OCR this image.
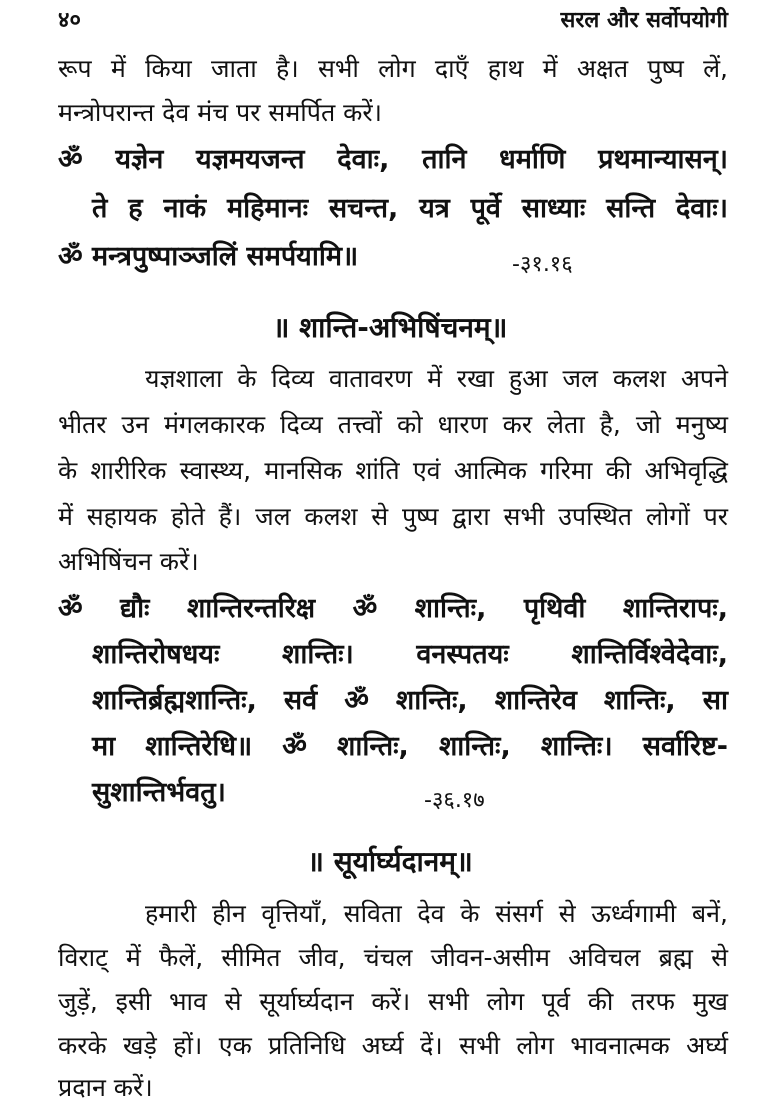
४०	सरल और सर्वोपयोगी
रूप में किया जाता है। सभी लोग दाएँ हाथ में अक्षत पुष्प लें,
मन्त्रोपरान्त देव मंच पर समर्पित करें।
ॐ यज्ञेन यज्ञमयजन्त देवाः, तानि धर्माणि प्रथमान्यासन्।
ते ह नाकं महिमानः सचन्त, यत्र पूर्वे साध्याः सन्ति देवाः।
ॐ मन्त्रपुष्पाञ्जलिं समर्पयामि॥	-३१.१६
॥ शान्ति-अभिषिंचनम्॥
यज्ञशाला के दिव्य वातावरण में रखा हुआ जल कलश अपने
भीतर उन मंगलकारक दिव्य तत्त्वों को धारण कर लेता है, जो मनुष्य
के शारीरिक स्वास्थ्य, मानसिक शांति एवं आत्मिक गरिमा की अभिवृद्धि
में सहायक होते हैं। जल कलश से पुष्प द्वारा सभी उपस्थित लोगों पर
अभिषिंचन करें।
ॐ द्यौः शान्तिरन्तरिक्ष ॐ शान्तिः, पृथिवी शान्तिरापः,
शान्तिरोषधयः शान्तिः। वनस्पतयः शान्तिर्विश्वेदेवाः,
शान्तिर्ब्रह्मशान्तिः, सर्व ॐ शान्तिः, शान्तिरेव शान्तिः, सा
मा शान्तिरेधि॥ ॐ शान्तिः, शान्तिः, शान्तिः। सर्वारिष्ट-
सुशान्तिर्भवतु।	-३६.१७
॥ सूर्यार्घ्यदानम्॥
हमारी हीन वृत्तियाँ, सविता देव के संसर्ग से ऊर्ध्वगामी बनें,
विराट् में फैलें, सीमित जीव, चंचल जीवन-असीम अविचल ब्रह्म से
जुड़ें, इसी भाव से सूर्यार्घ्यदान करें। सभी लोग पूर्व की तरफ मुख
करके खड़े हों। एक प्रतिनिधि अर्घ्य दें। सभी लोग भावनात्मक अर्घ्य
प्रदान करें।
